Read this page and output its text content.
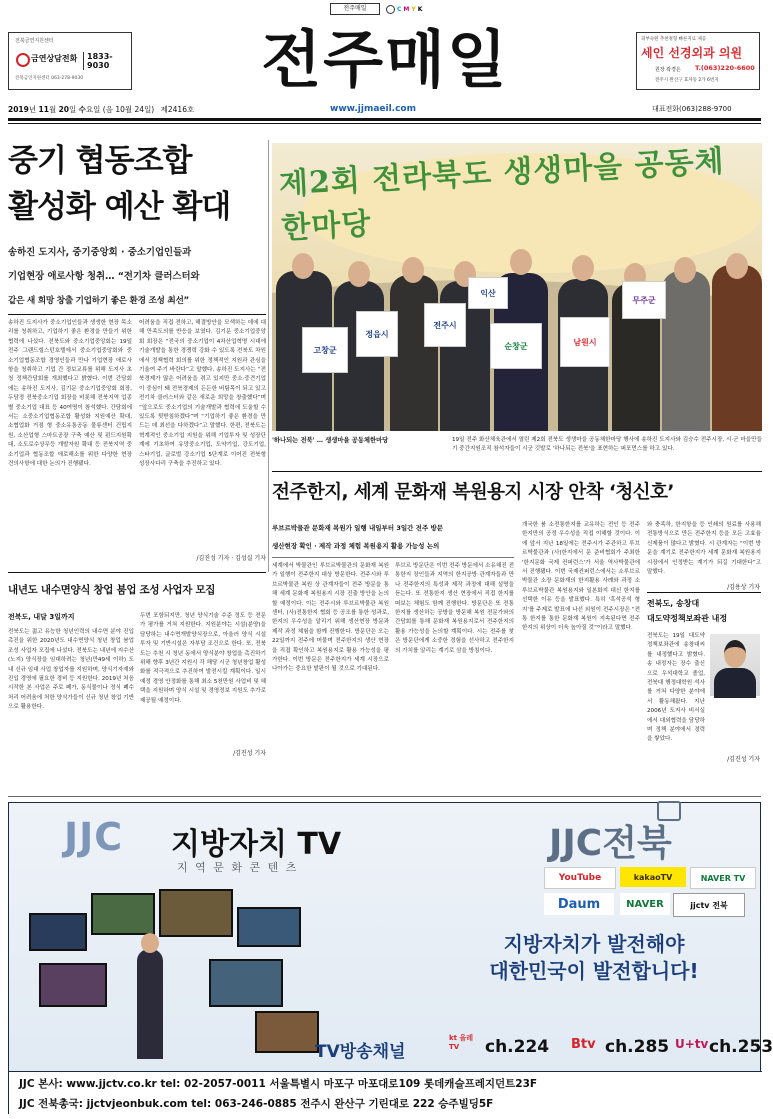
전주매일	C M Y K
전북금연지원센터
금연상담전화	1833-9030
전북금연지원센터 063-278-9030	전주매일	피부숙원 추천정형 빠른지료 제공
세인 선경외과 의원
원장 곽경은 T.(063)220-6600
전주시 완산구 효자동 2가 6번지
2019년 11월 20일 수요일 (음 10월 24일) 제2416호	www.jjmaeil.com	대표전화(063)288-9700
중기 협동조합
활성화 예산 확대
송하진 도지사, 중기중앙회 · 중소기업인들과
기업현장 애로사항 청취… “전기차 클러스터와
같은 새 희망 창출 기업하기 좋은 환경 조성 최선”
송하진 도지사가 중소기업인들과 생생한 현장 목소리를 청취하고, 기업하기 좋은 환경을 만들기 위한 협력에 나섰다. 전북도와 중소기업중앙회는 19일 전주 그랜드힐스턴호텔에서 중소기업중앙회와 중소기업협동조합 경영인들과 만나 기업현장 애로사항을 청취하고 기업 간 정보교류를 위해 도지사 초청 정책간담회를 개최했다고 밝혔다. 이번 간담회에는 송하진 도지사, 김기문 중소기업중앙회 회장, 두담정 전북중소기업 회장을 비롯해 전북지역 업종별 중소기업 대표 등 40여명이 참석했다. 간담회에서는 소중소기업협동조합 활성화 지원예산 확대, 소협업화 거점 형 중소유통공동 물류센터 건립지원, 소산업형 스마트공장 구축 예산 및 펀드지원확대, 소도로수상무등 개발자원 확대 등 전북지역 중소기업과 협동조합 애로해소를 위한 다양한 현장 건의사항에 대한 논의가 진행됐다.
어려움을 직접 전하고, 해결방안을 모색하는 데에 대해 만족도의를 반응을 보였다. 김기문 중소기업중앙회 회장은 “전국의 중소기업이 4차산업혁명 시대에 기술개발을 통한 경쟁력 강화 수 있도록 전북도 차원에서 정책협력 회의를 위한 정책적인 지원과 관심을 기울여 주기 바란다”고 말했다. 송하진 도지사는 “전북경제가 많은 어려움을 겪고 있지만 중소·중견기업이 중심이 돼 전북경제의 든든한 버팀목이 되고 있고 전기차 클러스터와 같은 새로운 희망을 창출했다”며 “앞으로도 중소기업의 기술개발과 협력에 도울할 수 있도록 뒷받침하겠다”며 “기업하기 좋은 환경을 만드는 데 최선을 다하겠다”고 말했다. 한편, 전북도는 혁계적인 중소기업 지원을 위해 기업투자 및 성장단계에 기초하여 유망중소기업, 도약기업, 강도기업, 스타기업, 글로벌 강소기업 5단계로 이어진 전북형 성장사다리 구축을 추진하고 있다.
/김진성 기자 · 김성실 기자
제2회 전라북도 생생마을 공동체한마당
고창군
정읍시
전주시
순창군	남원시
무주군
익산
'하나되는 전북' … 생생마을 공동체한마당	19일 전주 화산체육관에서 열린 제2회 전북도 생생마을 공동체한마당 행사에 송하진 도지사와 김승수 전주시장, 시·군 마을만들기 중간지원조직 참석자들이 시군 깃발로 '하나되는 전북'을 표현하는 퍼포먼스를 하고 있다.
전주한지, 세계 문화재 복원용지 시장 안착 ‘청신호’
루브르박물관 문화재 복원가 일행 내일부터 3일간 전주 방문
생산현장 확인 · 제작 과정 체험 복원용지 활용 가능성 논의
세계에서 박물관인 루브르박물관의 문화재 복원가 일행이 전주한지 대상 방문한다. 전주시와 루브르박물관 복원 상 관계자들이 전주 방문을 통해 세계 문화재 복원용지 시장 진출 방안을 논의할 예정이다. 이는 전주시와 루브르박물관 복원센터, (사)전통한지 협회 등 공조를 통한 성과로, 한지의 우수성을 알리기 위해 생산현장 방문과 제작 과정 체험을 함께 진행한다. 방문단은 오는 22일까지 전주에 머물며 전주한지의 생산 현장을 직접 확인하고 복원용지로 활용 가능성을 평가한다. 이번 방문은 전주한지가 세계 시장으로 나아가는 중요한 발판이 될 것으로 기대된다.
루브르 방문단은 이번 전주 방문에서 소유해진 전통한지 장인들과 지역의 한지공방 관계자들과 만나 전주한지의 특성과 제작 과정에 대해 설명을 듣는다. 또 전통한지 생산 현장에서 직접 한지를 떠보는 체험도 함께 진행한다. 방문단은 또 전통한지를 생산하는 공방을 방문해 복원 전문가와의 간담회를 통해 문화재 복원용지로서 전주한지의 활용 가능성을 논의할 계획이다. 시는 전주를 찾은 방문단에게 소중한 경험을 선사하고 전주한지의 가치를 알리는 계기로 삼을 방침이다.
개국한 붐 소전통한지를 교유하는 전인 등 전주한지만의 공정 우수성을 직접 이해할 것이다. 이에 앞서 지난 18일에는 전주시가 주관하고 루브르박물관과 (사)한지에서 문 준비협회가 주최한 '한지문화 국제 컨퍼런스'가 서울 역사박물관에서 진행됐다. 이번 국제컨퍼런스에서는 소루브르박물관 소장 문화재의 한지활용 사례와 과정 소루브르박물관 복원용지와 일본화지 대신 한지를 선택한 이유 등을 발표했다. 특히 '흑석공석 형지'를 주제로 발표에 나선 외원이 전주시장은 “전통 한지를 통한 문화재 복원이 지속된다면 전주한지의 위상이 더욱 높아질 것”이라고 말했다.
와 충족하, 한지항을 등 인쇄의 원료를 사용해 전통방식으로 만든 전주한지 등을 모든 고효율 신제품이 많다고 밝혔다. 시 관계자는 “이번 방문을 계기로 전주한지가 세계 문화재 복원용지 시장에서 인정받는 계기가 되길 기대한다”고 말했다.
/김용상 기자
전북도, 송창대
대도약정책보좌관 내정
전북도는 19일 대도약정책보좌관에 송창대씨를 내정했다고 밝혔다. 송 내정자는 장수 출신으로 우석대학교 졸업, 전북대 행정대학원 석사를 거쳐 다양한 분야에서 활동해왔다. 지난 2006년 도지사 비서실에서 대외협력을 담당하며 정책 분야에서 경력을 쌓았다.
/김진성 기자
내년도 내수면양식 창업 붐업 조성 사업자 모집
전북도, 내달 3일까지
전북도는 젊고 유능한 청년인력의 내수면 분야 진입 촉진을 위한 2020년도 내수면양식 청년 창업 붐업 조성 사업자 모집에 나섰다. 전북도는 내년에 지수산(노지) 양식장을 임대하려는 청년(만49세 이하) 도내 신규 임대 사업 창업자를 지원하며, 양식기자재와 진입 경영에 필요한 경비 등 지원한다. 2019년 처음 시작한 본 사업은 주로 폐가, 동식물이나 정식 폐수 처리 어려움에 처한 양식가들이 신규 청년 창업 기반으로 활용한다.
두번 포함되지만, 청년 양식기술 수준 정도 등 전문가 평가를 거쳐 지원한다. 지원분야는 시설(분양)을 담당하는 내수면개발양식장으로, 아울러 양식 시설 투자 및 기반시설은 자부담 조건으로 한다. 또, 전북도는 추천 시 청년 동에서 양식분야 창업을 촉진하기 위해 향후 3년간 지원시 각 해당 시군 청년창업 활성화를 적극적으로 추진하여 발전시킬 계획이다. 일시 예정 경영 안정화를 통해 최소 5천만원 사업비 및 혜택을 지원하며 양식 시설 및 경영정보 지원도 추가로 제공될 예정이다.
/김진성 기자
JJC 지방자치 TV
지 역 문 화 콘 텐 츠
JJC전북
YouTube	kakaoTV	NAVER TV
Daum	NAVER	jjctv 전북
지방자치가 발전해야
대한민국이 발전합니다!
TV방송채널
kt 올레TV	ch.224 Btv ch.285 U+tv ch.253
JJC 본사: www.jjctv.co.kr tel: 02-2057-0011 서울특별시 마포구 마포대로109 롯데캐슬프레지던트23F
JJC 전북총국: jjctvjeonbuk.com tel: 063-246-0885 전주시 완산구 기린대로 222 승주빌딩5F
